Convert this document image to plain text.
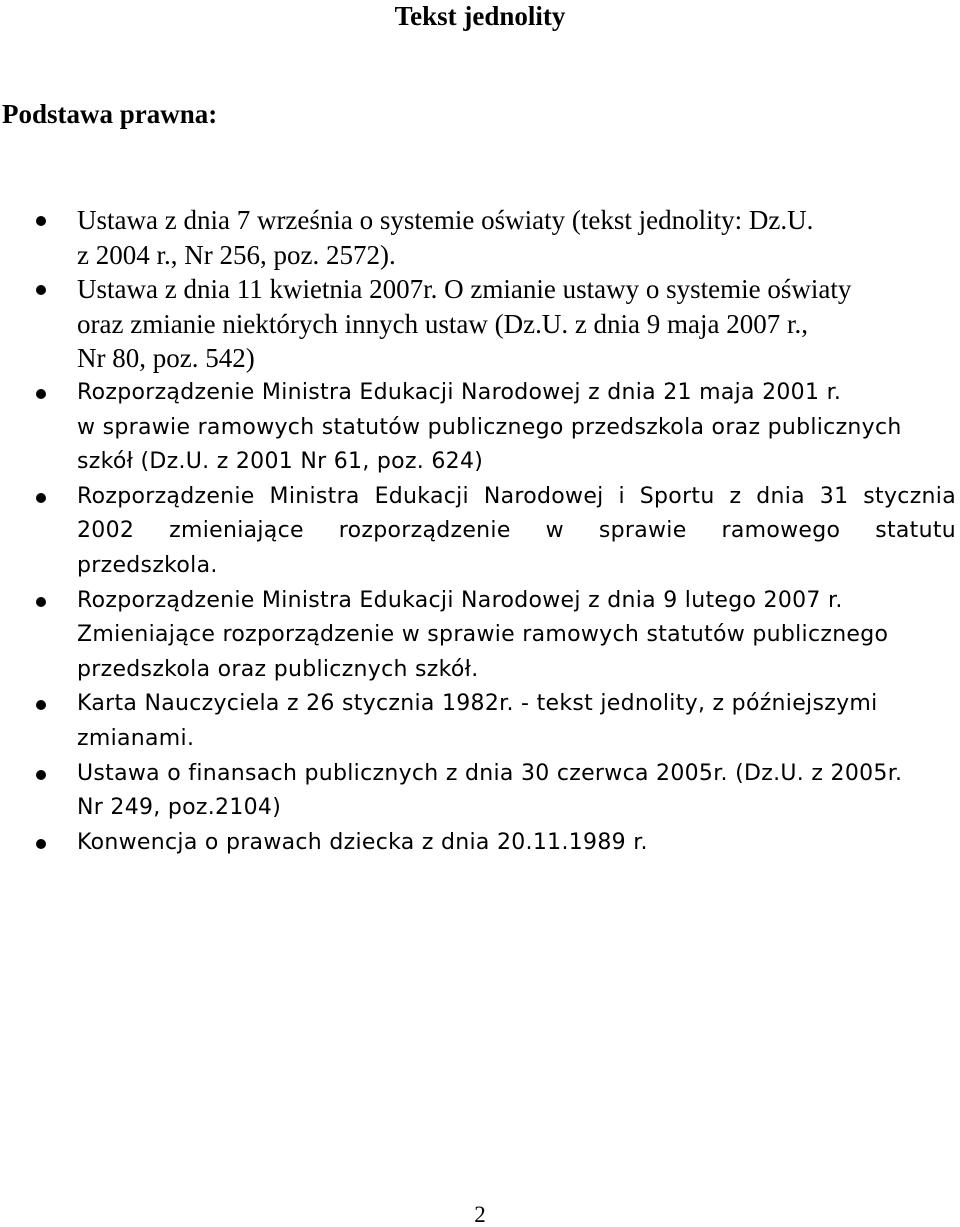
Tekst jednolity
Podstawa prawna:
Ustawa z dnia 7 września o systemie oświaty (tekst jednolity: Dz.U.
z 2004 r., Nr 256, poz. 2572).
Ustawa z dnia 11 kwietnia 2007r. O zmianie ustawy o systemie oświaty
oraz zmianie niektórych innych ustaw (Dz.U. z dnia 9 maja 2007 r.,
Nr 80, poz. 542)
Rozporządzenie Ministra Edukacji Narodowej z dnia 21 maja 2001 r.
w sprawie ramowych statutów publicznego przedszkola oraz publicznych
szkół (Dz.U. z 2001 Nr 61, poz. 624)
Rozporządzenie Ministra Edukacji Narodowej i Sportu z dnia 31 stycznia
2002 zmieniające rozporządzenie w sprawie ramowego statutu
przedszkola.
Rozporządzenie Ministra Edukacji Narodowej z dnia 9 lutego 2007 r.
Zmieniające rozporządzenie w sprawie ramowych statutów publicznego
przedszkola oraz publicznych szkół.
Karta Nauczyciela z 26 stycznia 1982r. - tekst jednolity, z późniejszymi
zmianami.
Ustawa o finansach publicznych z dnia 30 czerwca 2005r. (Dz.U. z 2005r.
Nr 249, poz.2104)
Konwencja o prawach dziecka z dnia 20.11.1989 r.
2
